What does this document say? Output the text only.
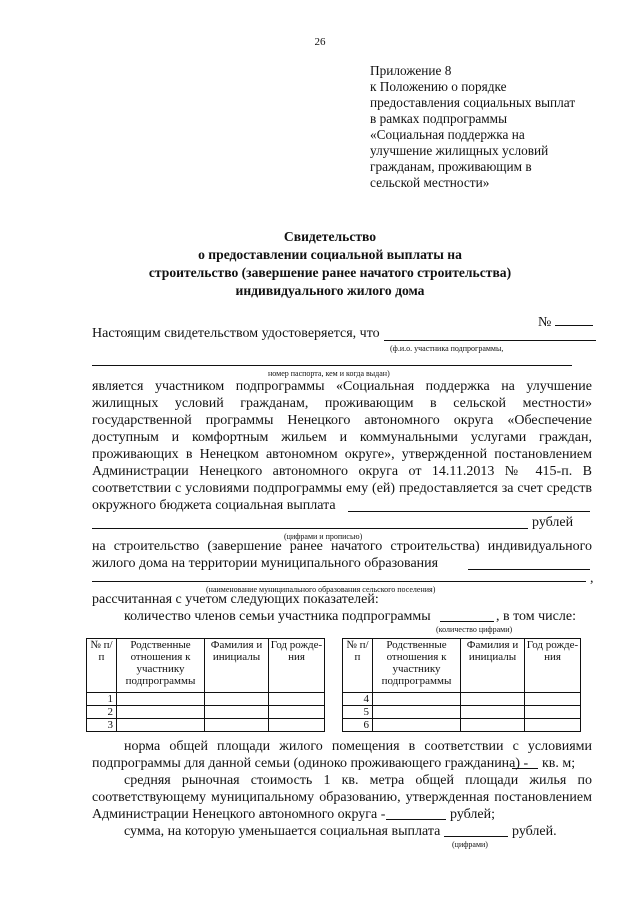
26
Приложение 8
к Положению о порядке
предоставления социальных выплат
в рамках подпрограммы
«Социальная поддержка на
улучшение жилищных условий
гражданам, проживающим в
сельской местности»
Свидетельство
о предоставлении социальной выплаты на
строительство (завершение ранее начатого строительства)
индивидуального жилого дома
№
Настоящим свидетельством удостоверяется, что
(ф.и.о. участника подпрограммы,
номер паспорта, кем и когда выдан)
является участником подпрограммы «Социальная поддержка на улучшение
жилищных условий гражданам, проживающим в сельской местности»
государственной программы Ненецкого автономного округа «Обеспечение
доступным и комфортным жильем и коммунальными услугами граждан,
проживающих в Ненецком автономном округе», утвержденной постановлением
Администрации Ненецкого автономного округа от 14.11.2013 № 415-п. В
соответствии с условиями подпрограммы ему (ей) предоставляется за счет средств
окружного бюджета социальная выплата
рублей
(цифрами и прописью)
на строительство (завершение ранее начатого строительства) индивидуального
жилого дома на территории муниципального образования
,
(наименование муниципального образования сельского поселения)
рассчитанная с учетом следующих показателей:
количество членов семьи участника подпрограммы	, в том числе:
(количество цифрами)
№ п/п	Родственные отношения к участнику подпрограммы	Фамилия и инициалы	Год рожде-ния
1			
2			
3			
№ п/п	Родственные отношения к участнику подпрограммы	Фамилия и инициалы	Год рожде-ния
4			
5			
6			
норма общей площади жилого помещения в соответствии с условиями
подпрограммы для данной семьи (одиноко проживающего гражданина) - кв. м;
средняя рыночная стоимость 1 кв. метра общей площади жилья по
соответствующему муниципальному образованию, утвержденная постановлением
Администрации Ненецкого автономного округа -	рублей;
сумма, на которую уменьшается социальная выплата	рублей.
(цифрами)
